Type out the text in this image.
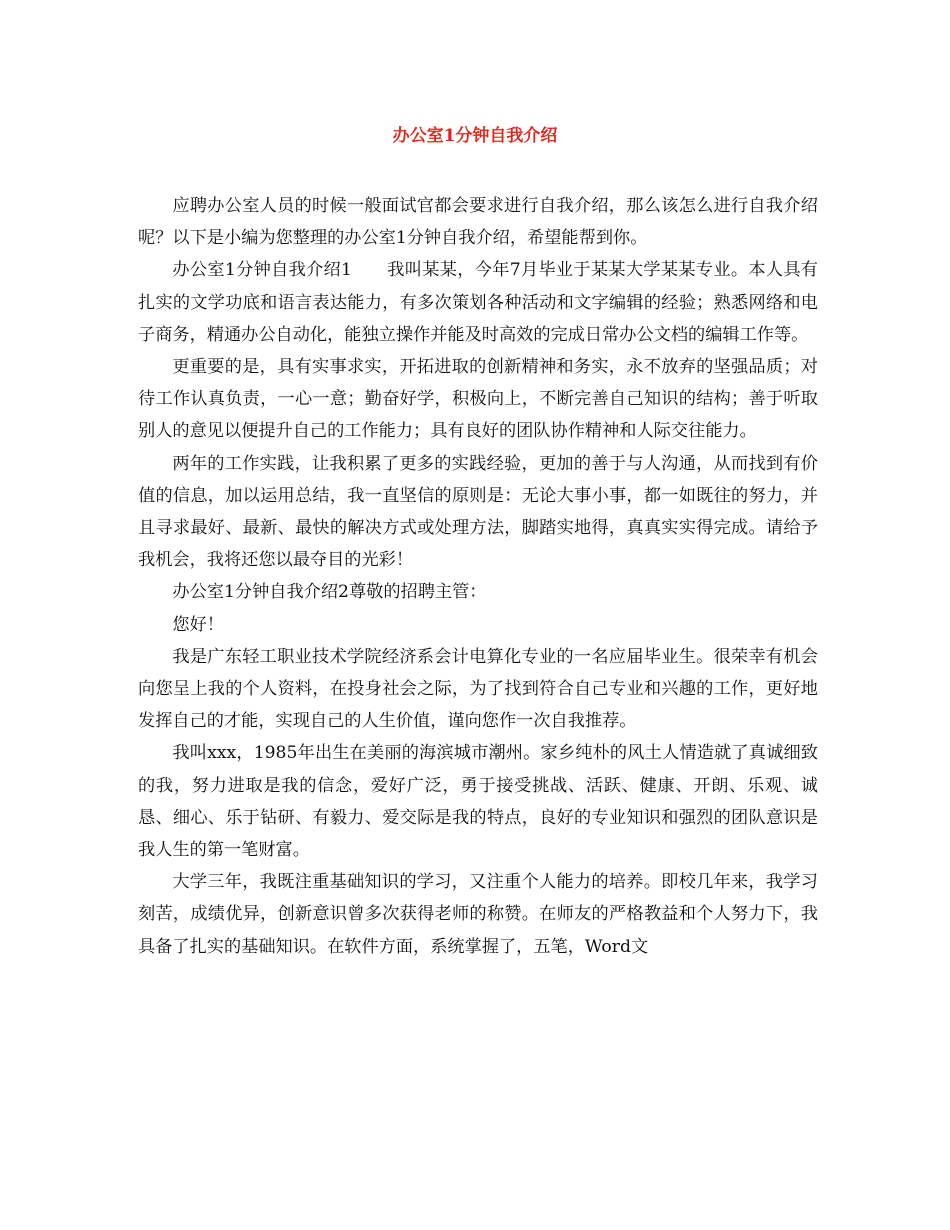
办公室1分钟自我介绍

应聘办公室人员的时候一般面试官都会要求进行自我介绍，那么该怎么进行自我介绍呢？以下是小编为您整理的办公室1分钟自我介绍，希望能帮到你。

办公室1分钟自我介绍1　　我叫某某，今年7月毕业于某某大学某某专业。本人具有扎实的文学功底和语言表达能力，有多次策划各种活动和文字编辑的经验；熟悉网络和电子商务，精通办公自动化，能独立操作并能及时高效的完成日常办公文档的编辑工作等。

更重要的是，具有实事求实，开拓进取的创新精神和务实，永不放弃的坚强品质；对待工作认真负责，一心一意；勤奋好学，积极向上，不断完善自己知识的结构；善于听取别人的意见以便提升自己的工作能力；具有良好的团队协作精神和人际交往能力。

两年的工作实践，让我积累了更多的实践经验，更加的善于与人沟通，从而找到有价值的信息，加以运用总结，我一直坚信的原则是：无论大事小事，都一如既往的努力，并且寻求最好、最新、最快的解决方式或处理方法，脚踏实地得，真真实实得完成。请给予我机会，我将还您以最夺目的光彩！

办公室1分钟自我介绍2尊敬的招聘主管：

您好！

我是广东轻工职业技术学院经济系会计电算化专业的一名应届毕业生。很荣幸有机会向您呈上我的个人资料，在投身社会之际，为了找到符合自己专业和兴趣的工作，更好地发挥自己的才能，实现自己的人生价值，谨向您作一次自我推荐。

我叫xxx，1985年出生在美丽的海滨城市潮州。家乡纯朴的风土人情造就了真诚细致的我，努力进取是我的信念，爱好广泛，勇于接受挑战、活跃、健康、开朗、乐观、诚恳、细心、乐于钻研、有毅力、爱交际是我的特点，良好的专业知识和强烈的团队意识是我人生的第一笔财富。

大学三年，我既注重基础知识的学习，又注重个人能力的培养。即校几年来，我学习刻苦，成绩优异，创新意识曾多次获得老师的称赞。在师友的严格教益和个人努力下，我具备了扎实的基础知识。在软件方面，系统掌握了，五笔，Word文
